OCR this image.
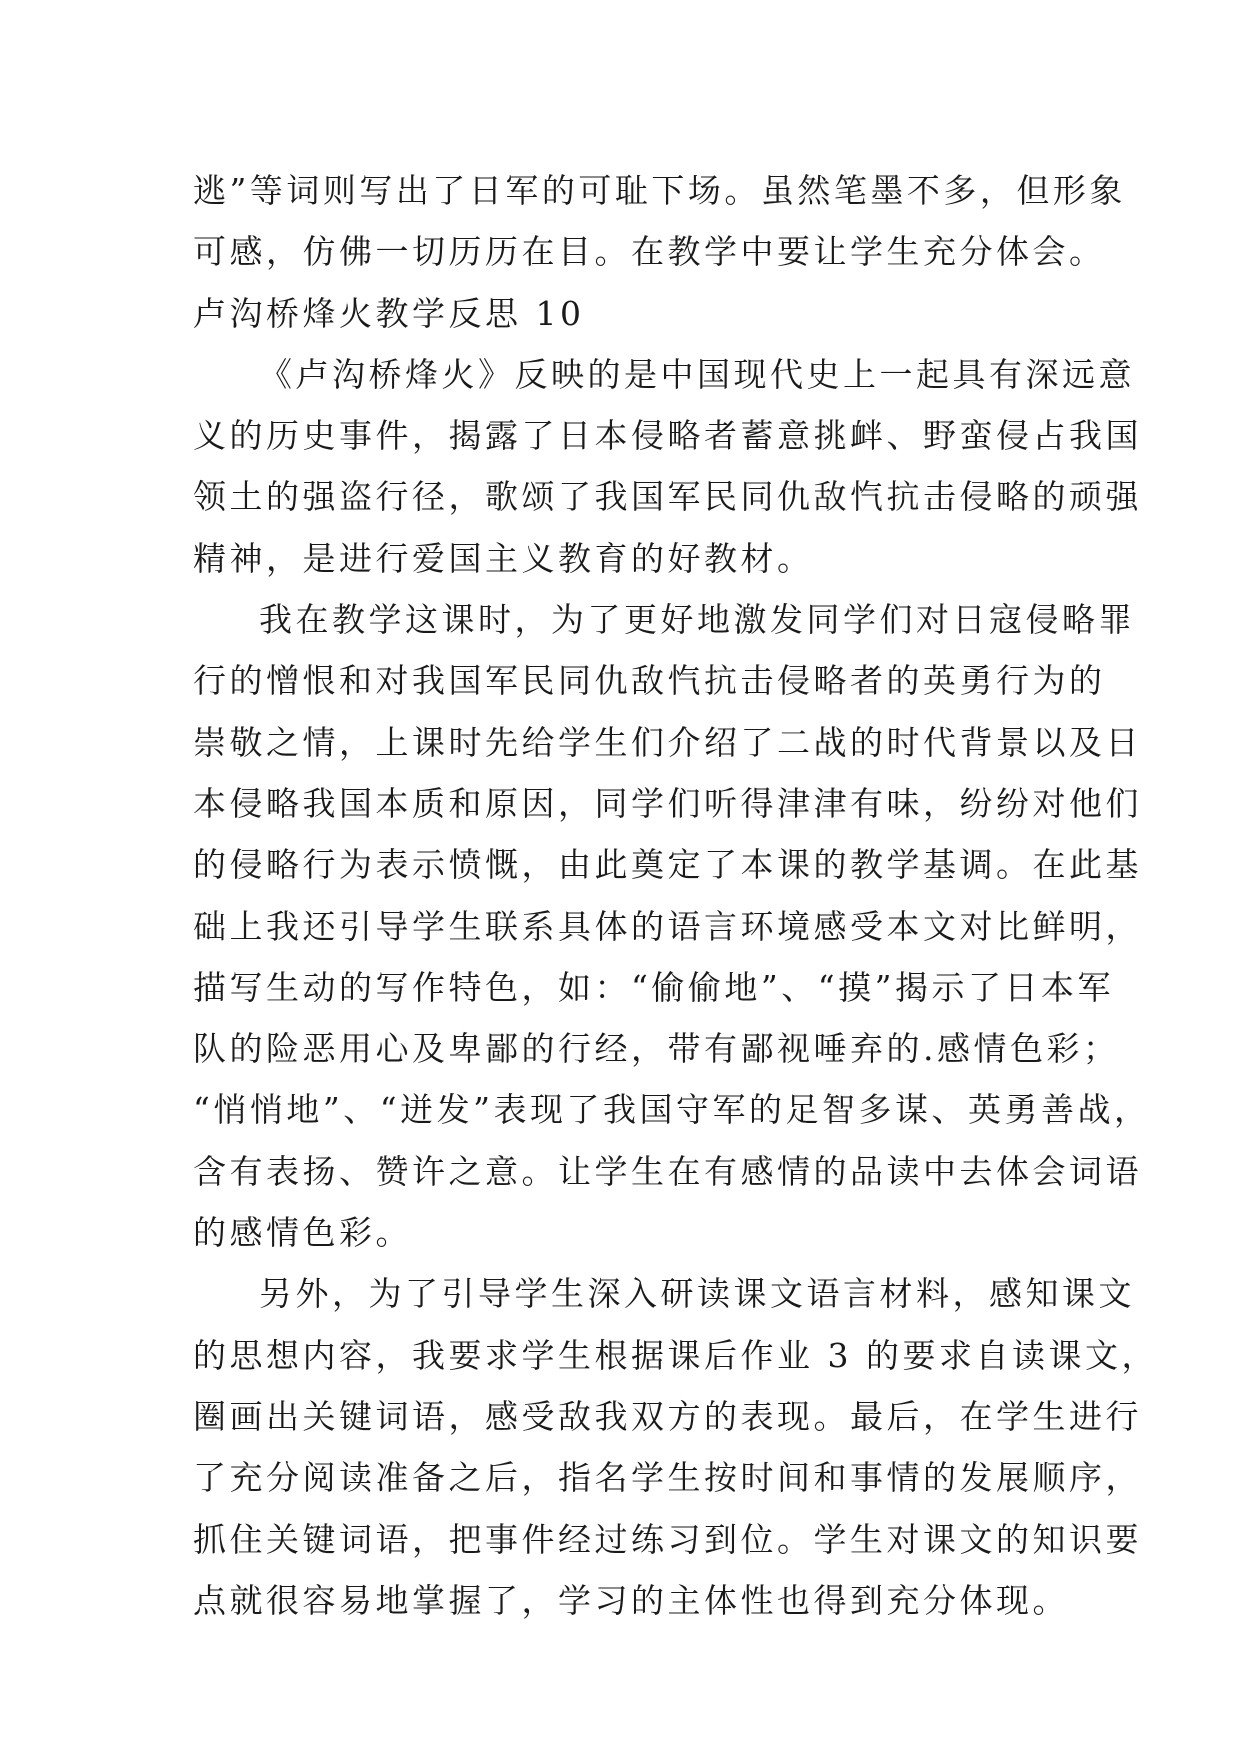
逃”等词则写出了日军的可耻下场。虽然笔墨不多，但形象
可感，仿佛一切历历在目。在教学中要让学生充分体会。
卢沟桥烽火教学反思 10
《卢沟桥烽火》反映的是中国现代史上一起具有深远意
义的历史事件，揭露了日本侵略者蓄意挑衅、野蛮侵占我国
领土的强盗行径，歌颂了我国军民同仇敌忾抗击侵略的顽强
精神，是进行爱国主义教育的好教材。
我在教学这课时，为了更好地激发同学们对日寇侵略罪
行的憎恨和对我国军民同仇敌忾抗击侵略者的英勇行为的
崇敬之情，上课时先给学生们介绍了二战的时代背景以及日
本侵略我国本质和原因，同学们听得津津有味，纷纷对他们
的侵略行为表示愤慨，由此奠定了本课的教学基调。在此基
础上我还引导学生联系具体的语言环境感受本文对比鲜明，
描写生动的写作特色，如：“偷偷地”、“摸”揭示了日本军
队的险恶用心及卑鄙的行经，带有鄙视唾弃的.感情色彩；
“悄悄地”、“迸发”表现了我国守军的足智多谋、英勇善战，
含有表扬、赞许之意。让学生在有感情的品读中去体会词语
的感情色彩。
另外，为了引导学生深入研读课文语言材料，感知课文
的思想内容，我要求学生根据课后作业 3 的要求自读课文，
圈画出关键词语，感受敌我双方的表现。最后，在学生进行
了充分阅读准备之后，指名学生按时间和事情的发展顺序，
抓住关键词语，把事件经过练习到位。学生对课文的知识要
点就很容易地掌握了，学习的主体性也得到充分体现。
